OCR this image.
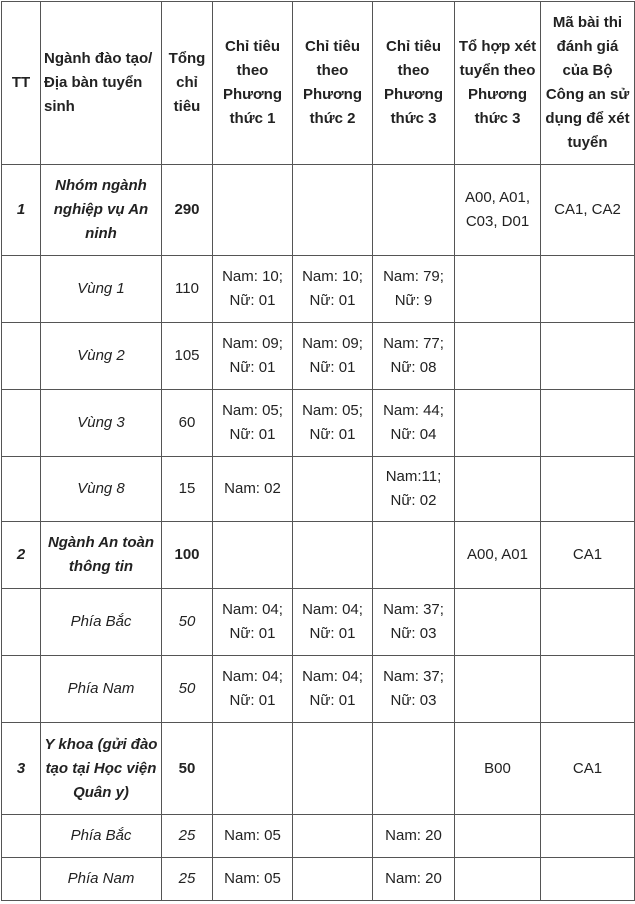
TT	Ngành đào tạo/ Địa bàn tuyển sinh	Tổng chỉ tiêu	Chỉ tiêu theo Phương thức 1	Chỉ tiêu theo Phương thức 2	Chỉ tiêu theo Phương thức 3	Tổ hợp xét tuyển theo Phương thức 3	Mã bài thi đánh giá của Bộ Công an sử dụng để xét tuyển
1	Nhóm ngành nghiệp vụ An ninh	290				A00, A01, C03, D01	CA1, CA2
	Vùng 1	110	Nam: 10;
Nữ: 01	Nam: 10;
Nữ: 01	Nam: 79;
Nữ: 9		

	Vùng 2	105	Nam: 09;
Nữ: 01	Nam: 09;
Nữ: 01	Nam: 77;
Nữ: 08		

	Vùng 3	60	Nam: 05;
Nữ: 01	Nam: 05;
Nữ: 01	Nam: 44;
Nữ: 04		

	Vùng 8	15	Nam: 02		Nam:11;
Nữ: 02		

2	Ngành An toàn thông tin	100				A00, A01	CA1
	Phía Bắc	50	Nam: 04;
Nữ: 01	Nam: 04;
Nữ: 01	Nam: 37;
Nữ: 03		

	Phía Nam	50	Nam: 04;
Nữ: 01	Nam: 04;
Nữ: 01	Nam: 37;
Nữ: 03		

3	Y khoa (gửi đào tạo tại Học viện Quân y)	50				B00	CA1
	Phía Bắc	25	Nam: 05		Nam: 20		

	Phía Nam	25	Nam: 05		Nam: 20		
